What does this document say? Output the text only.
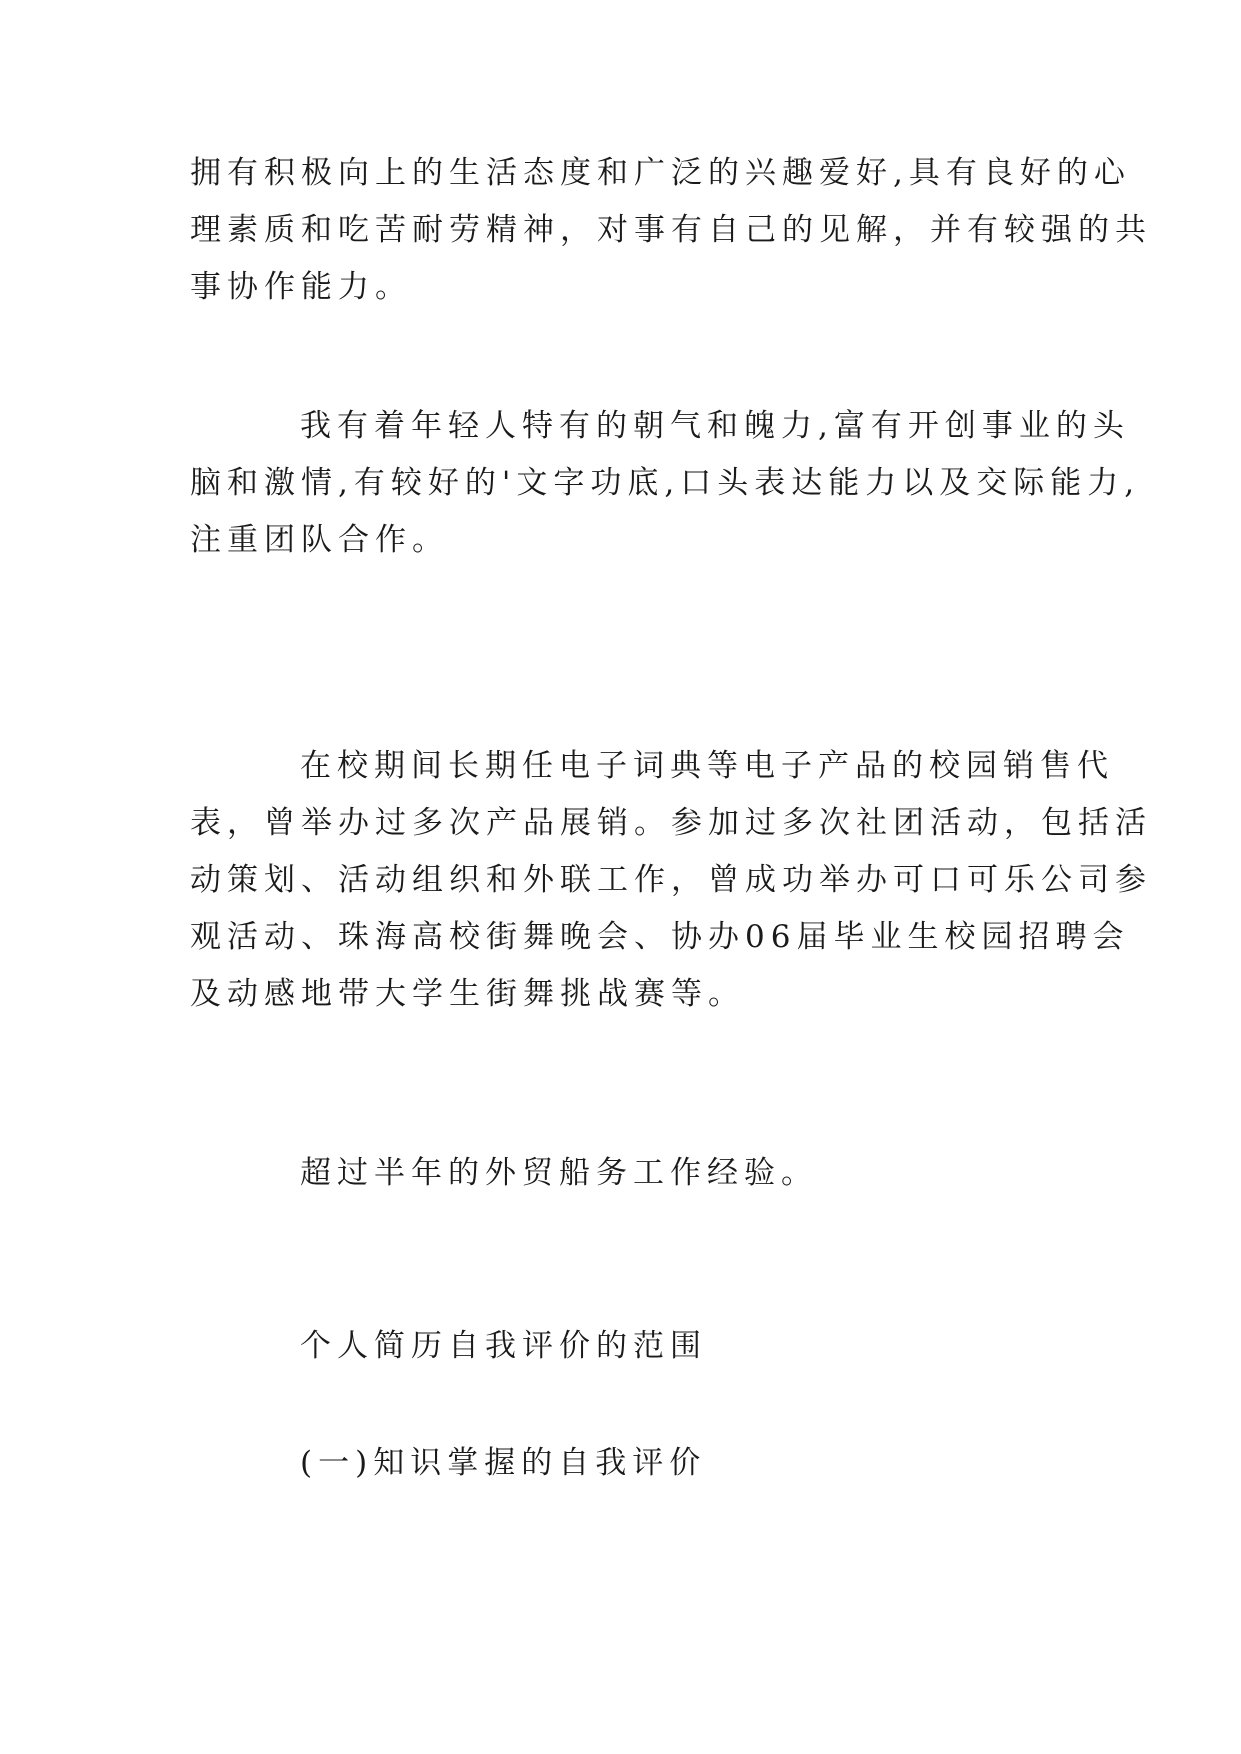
拥有积极向上的生活态度和广泛的兴趣爱好,具有良好的心
理素质和吃苦耐劳精神，对事有自己的见解，并有较强的共
事协作能力。
我有着年轻人特有的朝气和魄力,富有开创事业的头
脑和激情,有较好的'文字功底,口头表达能力以及交际能力,
注重团队合作。
在校期间长期任电子词典等电子产品的校园销售代
表，曾举办过多次产品展销。参加过多次社团活动，包括活
动策划、活动组织和外联工作，曾成功举办可口可乐公司参
观活动、珠海高校街舞晚会、协办06届毕业生校园招聘会
及动感地带大学生街舞挑战赛等。

超过半年的外贸船务工作经验。

个人简历自我评价的范围

(一)知识掌握的自我评价
